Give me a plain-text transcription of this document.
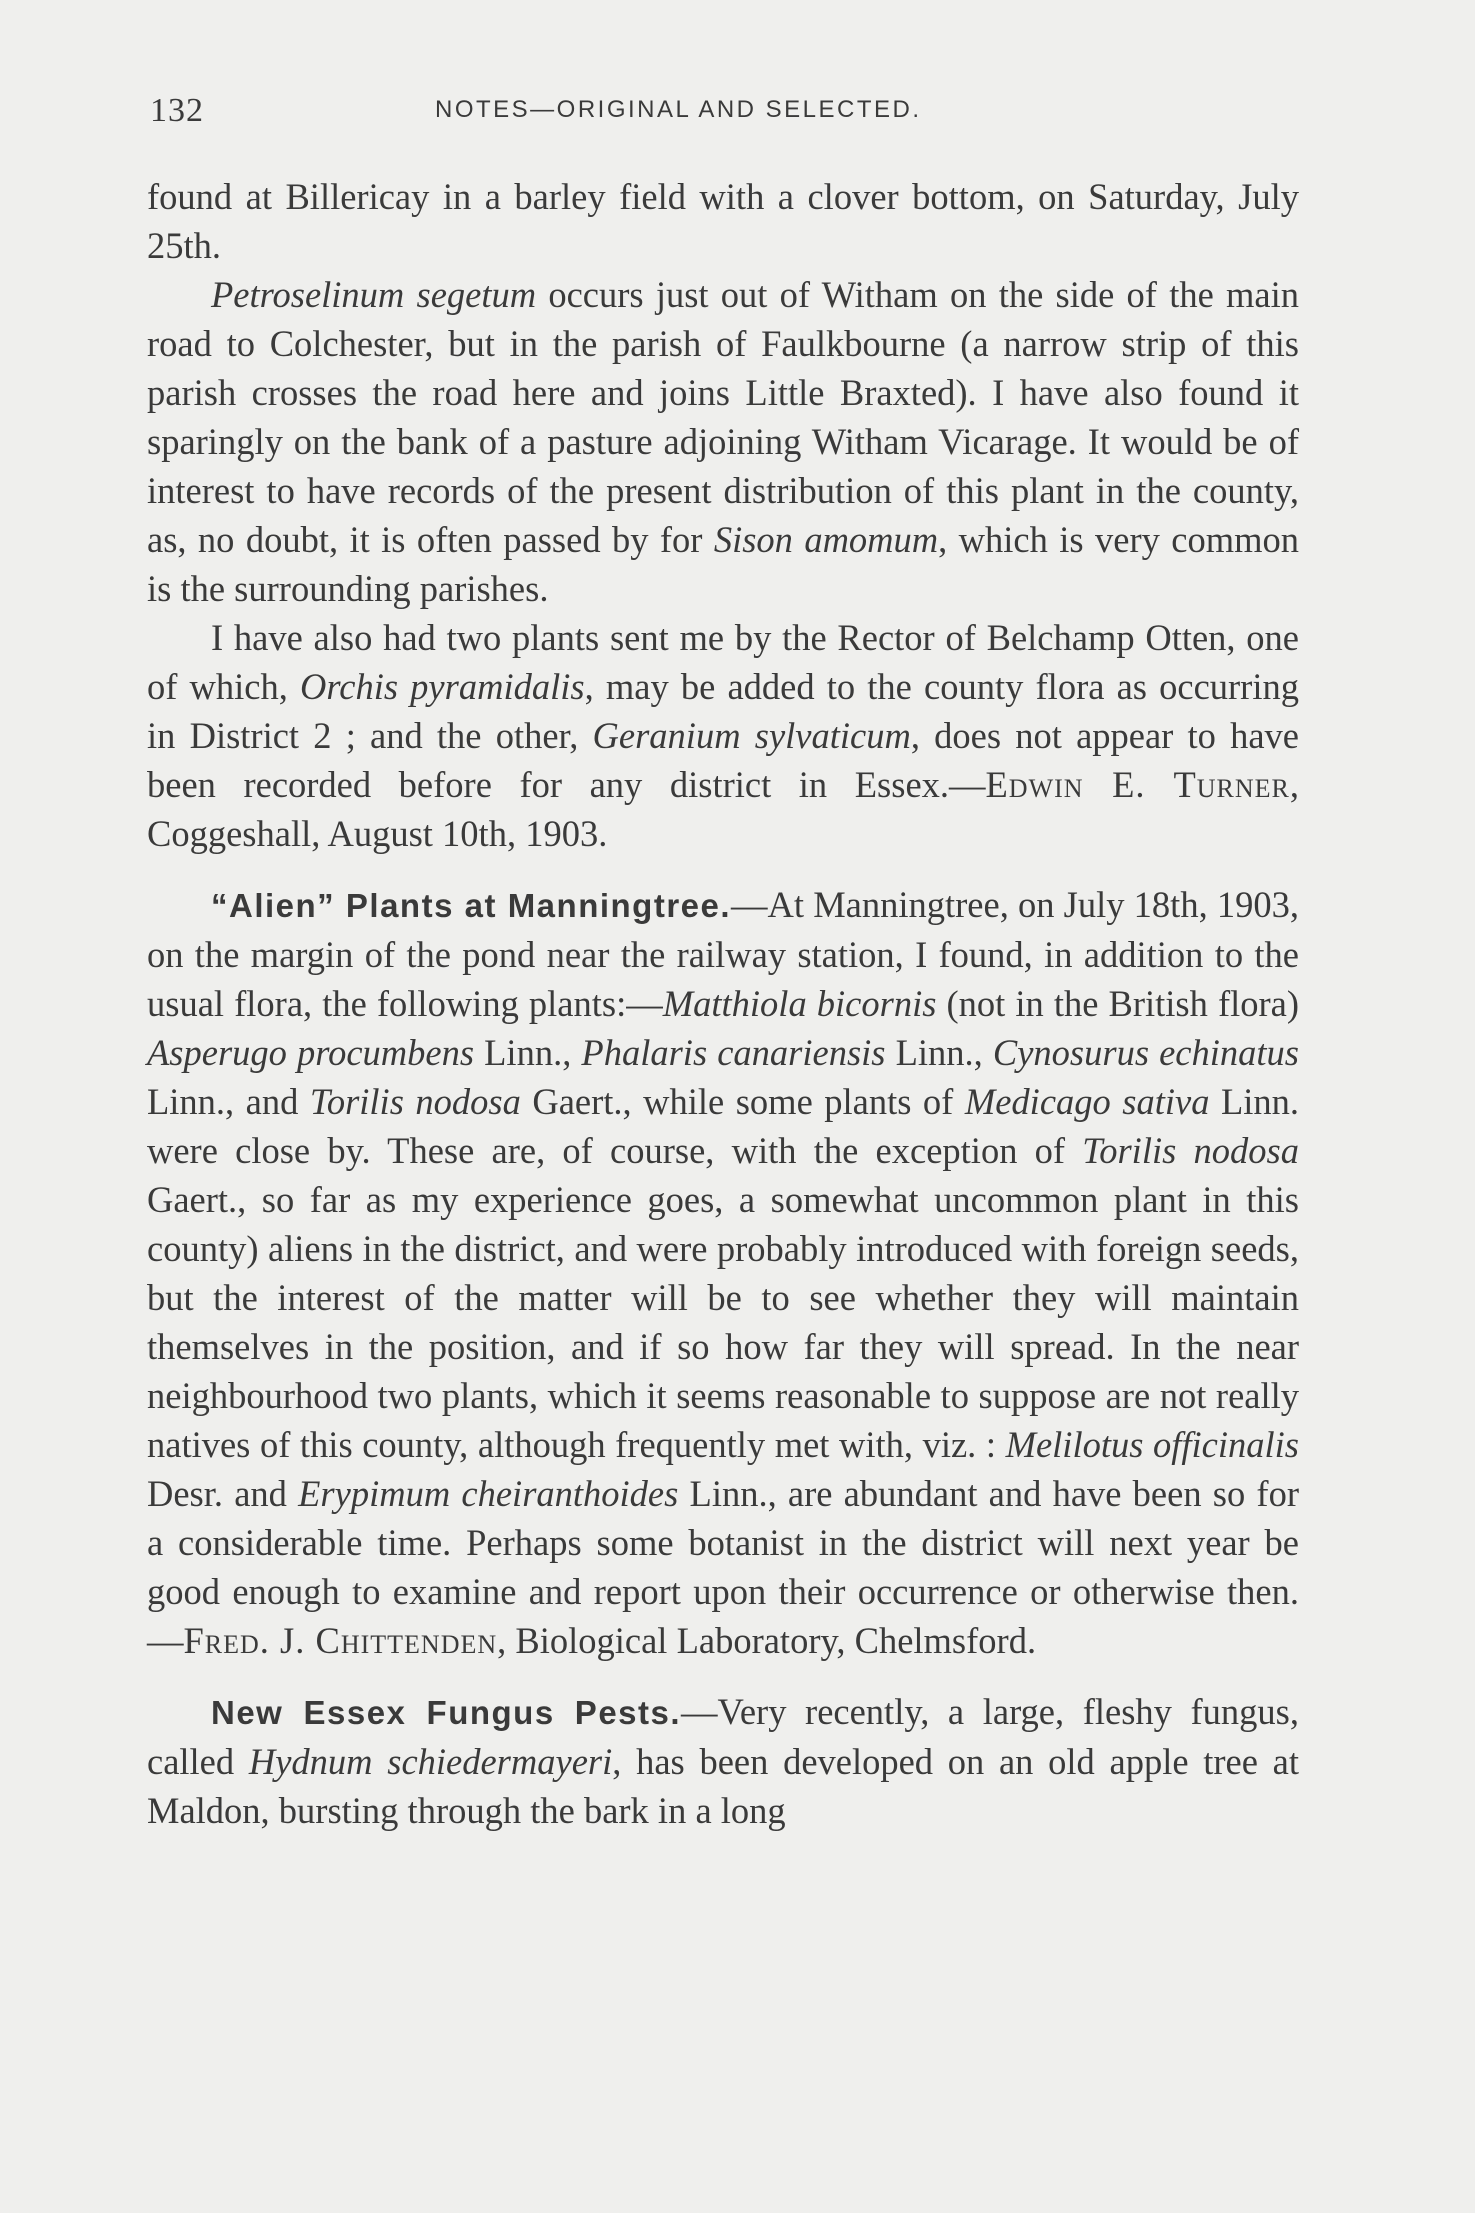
132	NOTES—ORIGINAL AND SELECTED.

found at Billericay in a barley field with a clover bottom, on Saturday, July 25th.

Petroselinum segetum occurs just out of Witham on the side of the main road to Colchester, but in the parish of Faulkbourne (a narrow strip of this parish crosses the road here and joins Little Braxted). I have also found it sparingly on the bank of a pasture adjoining Witham Vicarage. It would be of interest to have records of the present distribution of this plant in the county, as, no doubt, it is often passed by for Sison amomum, which is very common is the surrounding parishes.

I have also had two plants sent me by the Rector of Belchamp Otten, one of which, Orchis pyramidalis, may be added to the county flora as occurring in District 2 ; and the other, Geranium sylvaticum, does not appear to have been recorded before for any district in Essex.—Edwin E. Turner, Coggeshall, August 10th, 1903.

“Alien” Plants at Manningtree.—At Manningtree, on July 18th, 1903, on the margin of the pond near the railway station, I found, in addition to the usual flora, the following plants:—Matthiola bicornis (not in the British flora) Asperugo procumbens Linn., Phalaris canariensis Linn., Cynosurus echinatus Linn., and Torilis nodosa Gaert., while some plants of Medicago sativa Linn. were close by. These are, of course, with the exception of Torilis nodosa Gaert., so far as my experience goes, a somewhat uncommon plant in this county) aliens in the district, and were probably introduced with foreign seeds, but the interest of the matter will be to see whether they will maintain themselves in the position, and if so how far they will spread. In the near neighbourhood two plants, which it seems reasonable to suppose are not really natives of this county, although frequently met with, viz. : Melilotus officinalis Desr. and Erypimum cheiranthoides Linn., are abundant and have been so for a considerable time. Perhaps some botanist in the district will next year be good enough to examine and report upon their occurrence or otherwise then.—Fred. J. Chittenden, Biological Laboratory, Chelmsford.

New Essex Fungus Pests.—Very recently, a large, fleshy fungus, called Hydnum schiedermayeri, has been developed on an old apple tree at Maldon, bursting through the bark in a long
